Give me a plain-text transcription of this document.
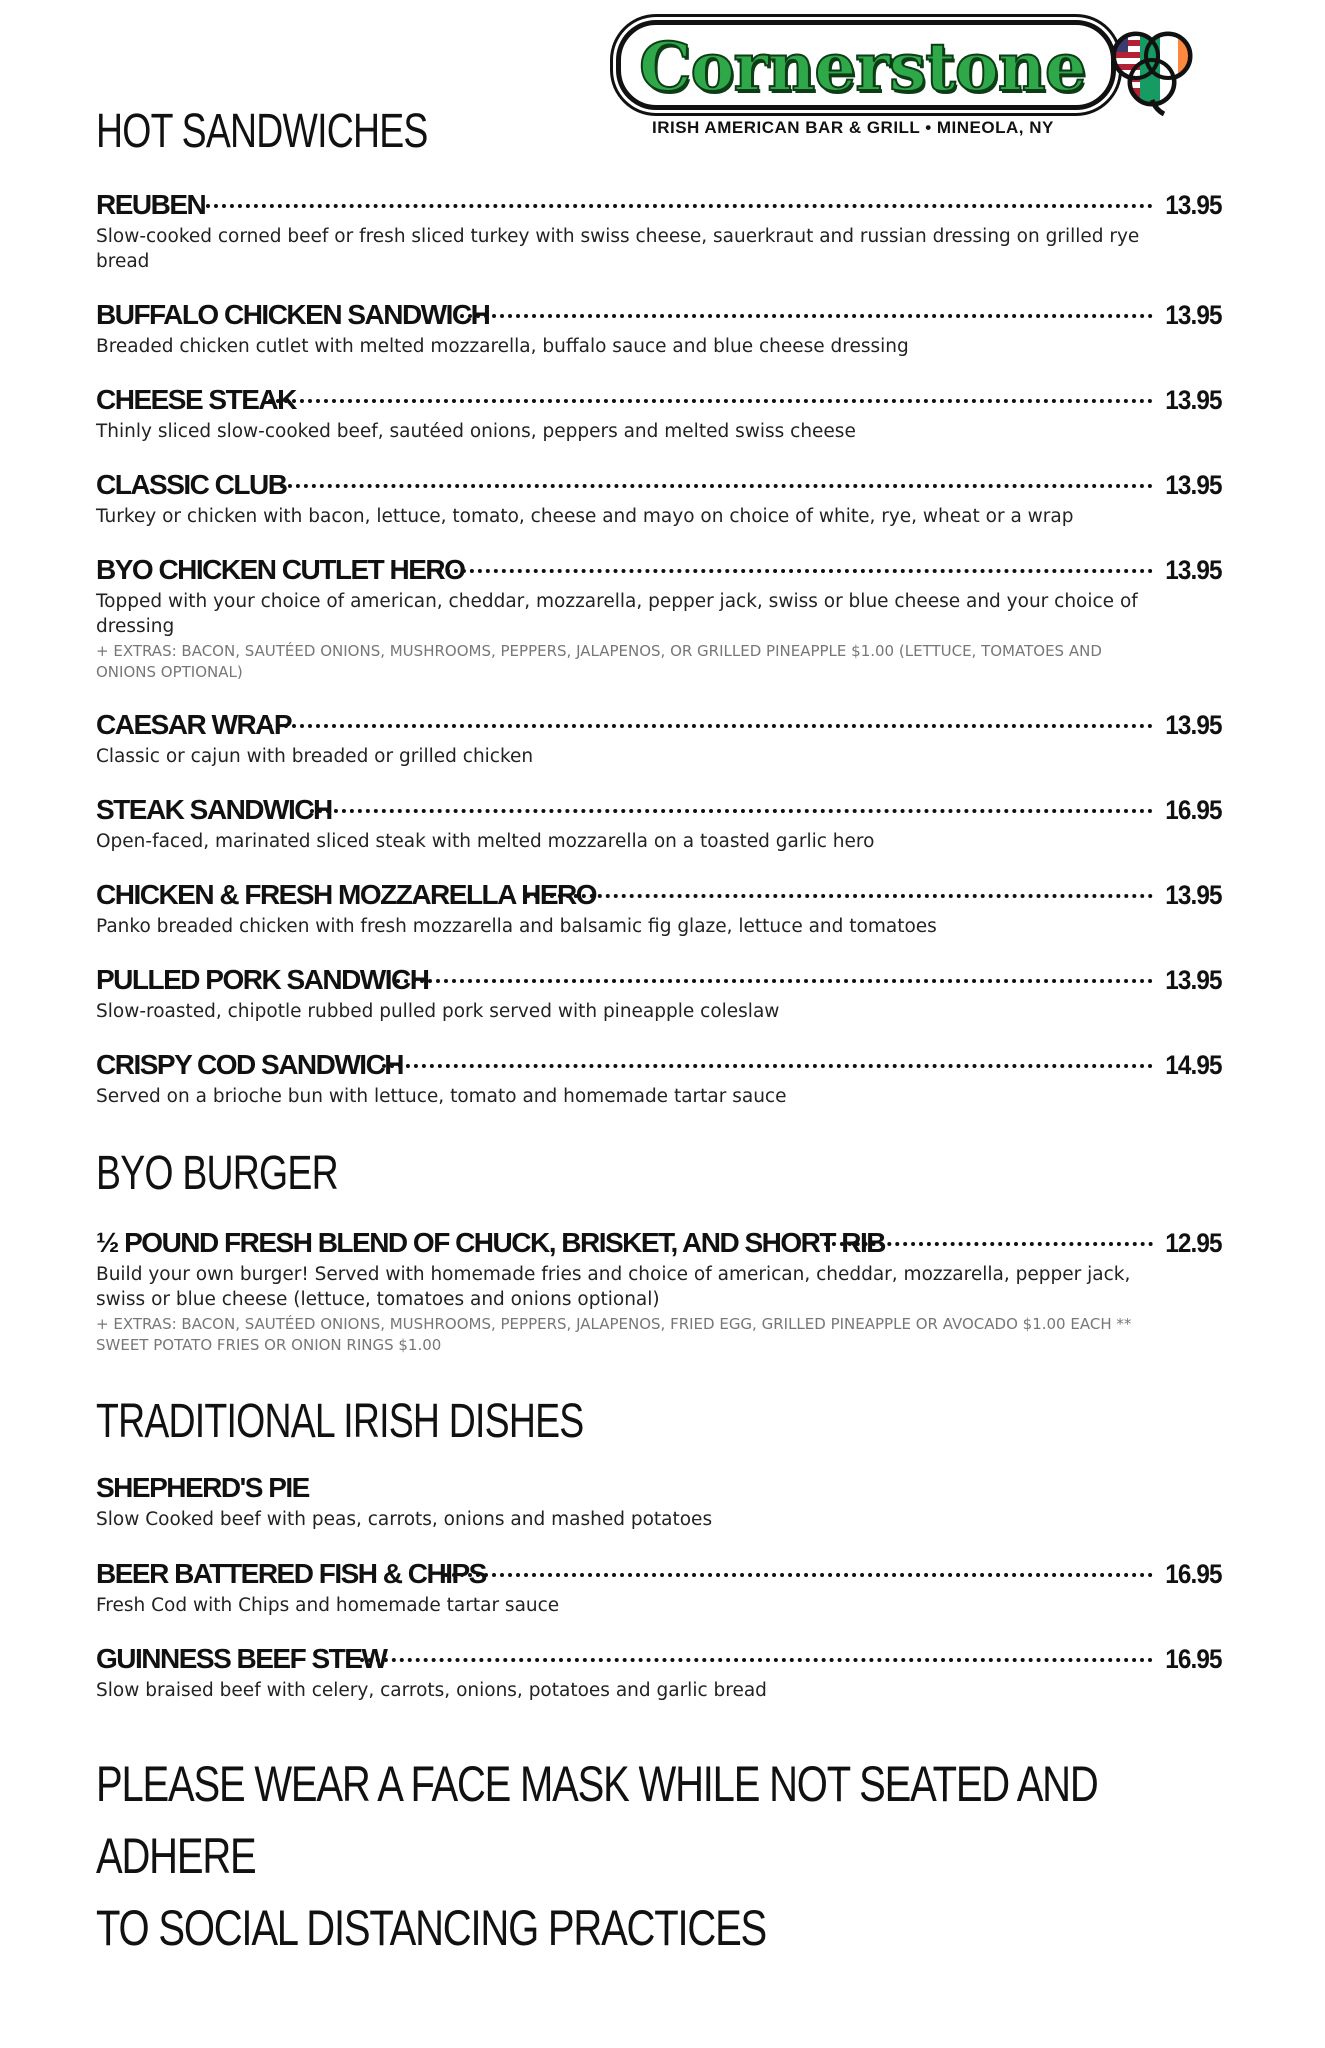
Cornerstone
IRISH AMERICAN BAR & GRILL • MINEOLA, NY
HOT SANDWICHES
REUBEN	13.95

Slow-cooked corned beef or fresh sliced turkey with swiss cheese, sauerkraut and russian dressing on grilled rye bread

BUFFALO CHICKEN SANDWICH	13.95

Breaded chicken cutlet with melted mozzarella, buffalo sauce and blue cheese dressing

CHEESE STEAK	13.95

Thinly sliced slow-cooked beef, sautéed onions, peppers and melted swiss cheese

CLASSIC CLUB	13.95

Turkey or chicken with bacon, lettuce, tomato, cheese and mayo on choice of white, rye, wheat or a wrap

BYO CHICKEN CUTLET HERO	13.95

Topped with your choice of american, cheddar, mozzarella, pepper jack, swiss or blue cheese and your choice of dressing

+ EXTRAS: BACON, SAUTÉED ONIONS, MUSHROOMS, PEPPERS, JALAPENOS, OR GRILLED PINEAPPLE $1.00 (LETTUCE, TOMATOES AND ONIONS OPTIONAL)

CAESAR WRAP	13.95

Classic or cajun with breaded or grilled chicken

STEAK SANDWICH	16.95

Open-faced, marinated sliced steak with melted mozzarella on a toasted garlic hero

CHICKEN & FRESH MOZZARELLA HERO	13.95

Panko breaded chicken with fresh mozzarella and balsamic fig glaze, lettuce and tomatoes

PULLED PORK SANDWICH	13.95

Slow-roasted, chipotle rubbed pulled pork served with pineapple coleslaw

CRISPY COD SANDWICH	14.95

Served on a brioche bun with lettuce, tomato and homemade tartar sauce

BYO BURGER
½ POUND FRESH BLEND OF CHUCK, BRISKET, AND SHORT RIB	12.95

Build your own burger! Served with homemade fries and choice of american, cheddar, mozzarella, pepper jack, swiss or blue cheese (lettuce, tomatoes and onions optional)

+ EXTRAS: BACON, SAUTÉED ONIONS, MUSHROOMS, PEPPERS, JALAPENOS, FRIED EGG, GRILLED PINEAPPLE OR AVOCADO $1.00 EACH ** SWEET POTATO FRIES OR ONION RINGS $1.00

TRADITIONAL IRISH DISHES
SHEPHERD'S PIE

Slow Cooked beef with peas, carrots, onions and mashed potatoes

BEER BATTERED FISH & CHIPS	16.95

Fresh Cod with Chips and homemade tartar sauce

GUINNESS BEEF STEW	16.95

Slow braised beef with celery, carrots, onions, potatoes and garlic bread

PLEASE WEAR A FACE MASK WHILE NOT SEATED AND ADHERE
TO SOCIAL DISTANCING PRACTICES
